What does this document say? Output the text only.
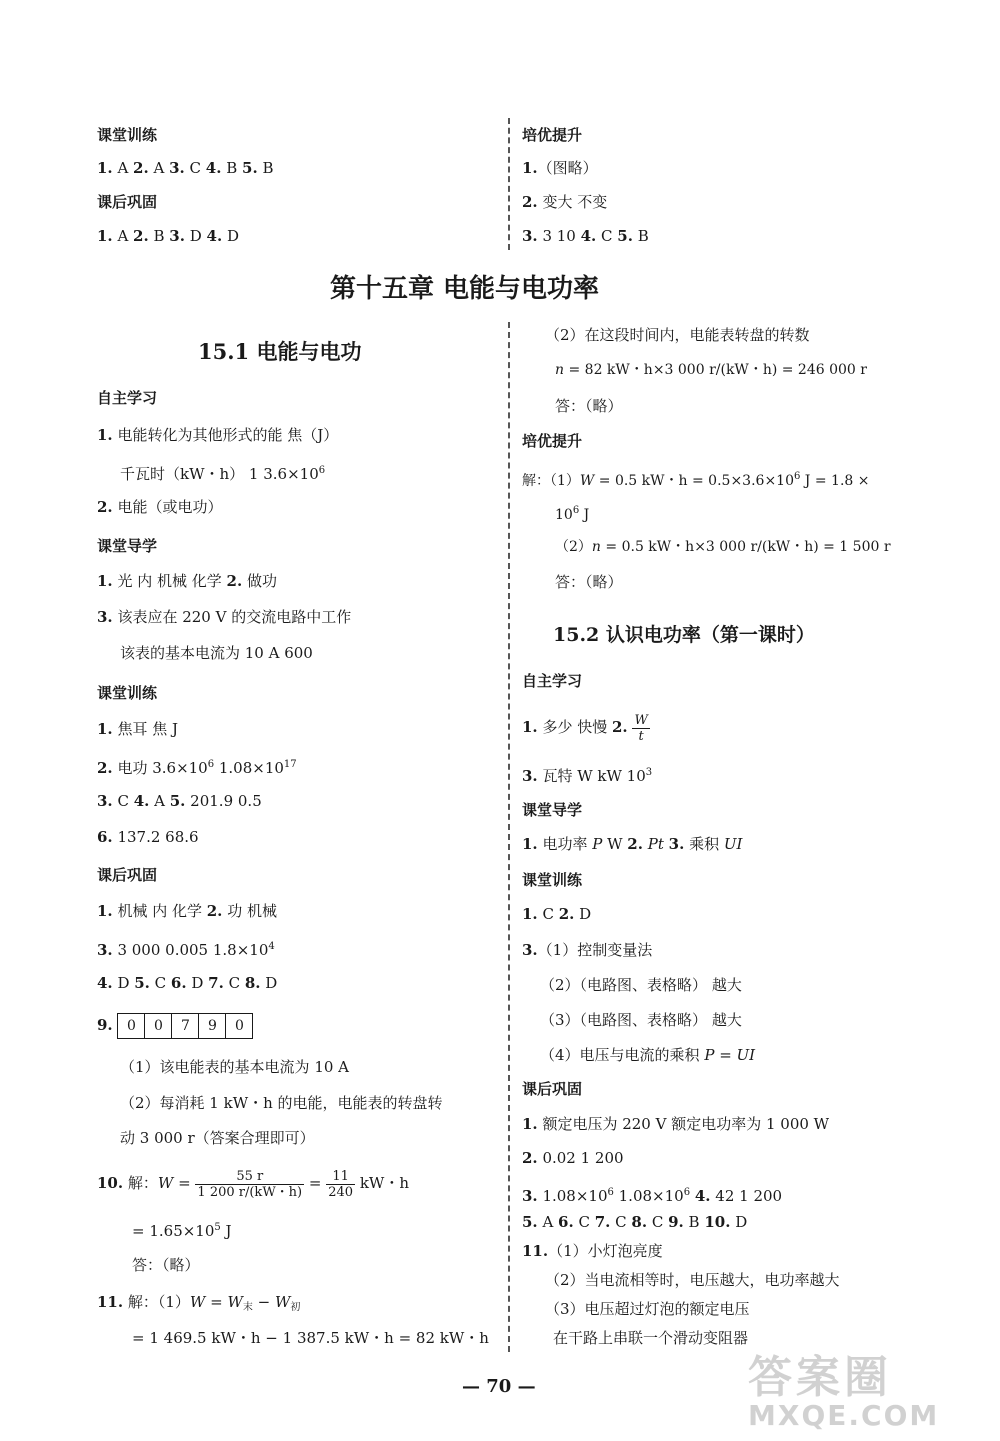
课堂训练
1. A 2. A 3. C 4. B 5. B
课后巩固
1. A 2. B 3. D 4. D
培优提升
1.（图略）
2. 变大 不变
3. 3 10 4. C 5. B
第十五章 电能与电功率
15.1 电能与电功
自主学习
1. 电能转化为其他形式的能 焦（J）
千瓦时（kW・h） 1 $3.6\times 10^6$
2. 电能（或电功）
课堂导学
1. 光 内 机械 化学 2. 做功
3. 该表应在 220 V 的交流电路中工作
该表的基本电流为 10 A 600
课堂训练
1. 焦耳 焦 J
2. 电功 $3.6\times 10^6$ $1.08\times 10^{17}$
3. C 4. A 5. 201.9 0.5
6. 137.2 68.6
课后巩固
1. 机械 内 化学 2. 功 机械
3. 3 000 0.005 $1.8\times 10^4$
4. D 5. C 6. D 7. C 8. D
9.	0	0	7	9	0
（1）该电能表的基本电流为 10 A
（2）每消耗 1 kW・h 的电能，电能表的转盘转
动 3 000 r（答案合理即可）
10. 解：$W = \frac{55 r}{1 200 r/(kW・h)} = \frac{11}{240}$ kW・h
= $1.65\times 10^5$ J
答：（略）
11. 解：$(1)W = W_末 - W_初$
= 1 469.5 kW・h − 1 387.5 kW・h = 82 kW・h
（2）在这段时间内，电能表转盘的转数
n = 82 kW・h×3 000 r/(kW・h) = 246 000 r
答：（略）
培优提升
解：（1）W = 0.5 kW・$h = 0.5\times 3.6\times 10^6$ J = 1.8 ×
$10^6$ J
（2）n = 0.5 kW・h×3 000 r/(kW・h) = 1 500 r
答：（略）
15.2 认识电功率（第一课时）
自主学习
1. 多少 快慢 2. $\frac{W}{t}$
3. 瓦特 W kW $10^3$
课堂导学
1. 电功率 P W 2. Pt 3. 乘积 UI
课堂训练
1. C 2. D
3.（1）控制变量法
（2）（电路图、表格略） 越大
（3）（电路图、表格略） 越大
（4）电压与电流的乘积 P = UI
课后巩固
1. 额定电压为 220 V 额定电功率为 1 000 W
2. 0.02 1 200
3. $1.08\times 10^6$ $1.08\times 10^6$ 4. 42 1 200
5. A 6. C 7. C 8. C 9. B 10. D
11.（1）小灯泡亮度
（2）当电流相等时，电压越大，电功率越大
（3）电压超过灯泡的额定电压
在干路上串联一个滑动变阻器
— 70 —	答案圈
MXQE.COM
